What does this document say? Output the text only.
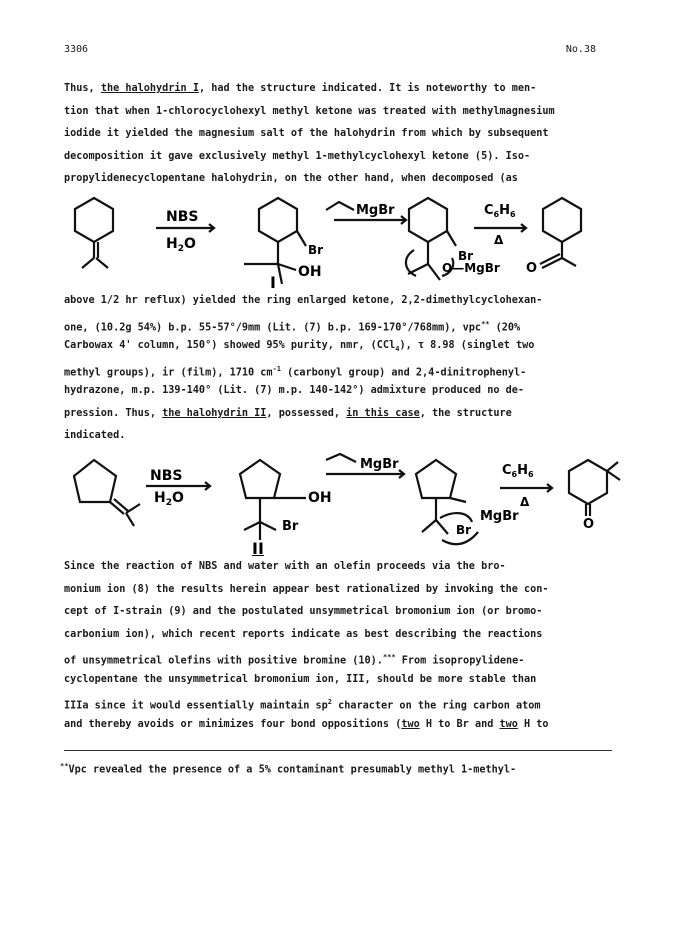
3306	No.38
Thus, the halohydrin I, had the structure indicated. It is noteworthy to men-
tion that when 1-chlorocyclohexyl methyl ketone was treated with methylmagnesium
iodide it yielded the magnesium salt of the halohydrin from which by subsequent
decomposition it gave exclusively methyl 1-methylcyclohexyl ketone (5). Iso-
propylidenecyclopentane halohydrin, on the other hand, when decomposed (as
NBS
$H_2O$	Br
OH
I
MgBr
Br
O—MgBr
$C_6H_6$
Δ
O
above 1/2 hr reflux) yielded the ring enlarged ketone, 2,2-dimethylcyclohexan-
one, (10.2g 54%) b.p. 55-57°/9mm (Lit. (7) b.p. 169-170°/768mm), vpc** (20%
Carbowax 4' column, 150°) showed 95% purity, nmr, (CCl$_4$), τ 8.98 (singlet two
methyl groups), ir (film), 1710 $cm^{-1}$ (carbonyl group) and 2,4-dinitrophenyl-
hydrazone, m.p. 139-140° (Lit. (7) m.p. 140-142°) admixture produced no de-
pression. Thus, the halohydrin II, possessed, in this case, the structure
indicated.
NBS
$H_2O$	OH
Br
MgBr
MgBr
Br
$C_6H_6$
Δ
O
II
Since the reaction of NBS and water with an olefin proceeds via the bro-
monium ion (8) the results herein appear best rationalized by invoking the con-
cept of I-strain (9) and the postulated unsymmetrical bromonium ion (or bromo-
carbonium ion), which recent reports indicate as best describing the reactions
of unsymmetrical olefins with positive bromine (10).*** From isopropylidene-
cyclopentane the unsymmetrical bromonium ion, III, should be more stable than
IIIa since it would essentially maintain $sp^2$ character on the ring carbon atom
and thereby avoids or minimizes four bond oppositions (two H to Br and two H to
**Vpc revealed the presence of a 5% contaminant presumably methyl 1-methyl-
